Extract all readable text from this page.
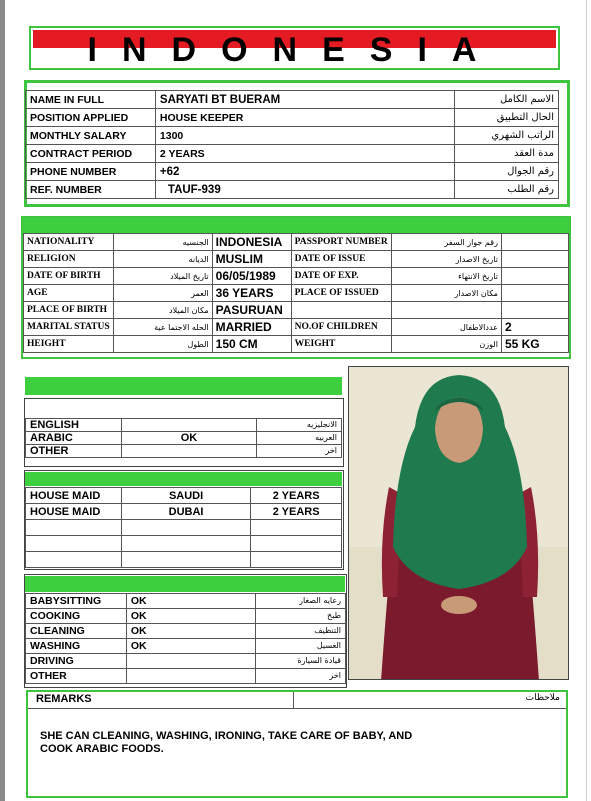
INDONESIA
NAME IN FULL	SARYATI BT BUERAM	الاسم الكامل
POSITION APPLIED	HOUSE KEEPER	الحال التطبيق
MONTHLY SALARY	1300	الراتب الشهري
CONTRACT PERIOD	2 YEARS	مدة العقد
PHONE NUMBER	+62	رقم الجوال
REF. NUMBER	TAUF-939	رقم الطلب
NATIONALITY	الجنسيه	INDONESIA	PASSPORT NUMBER	رقم جواز السفر	
RELIGION	الديانه	MUSLIM	DATE OF ISSUE	تاريخ الاصدار	
DATE OF BIRTH	تاريخ الميلاد	06/05/1989	DATE OF EXP.	تاريخ الانتهاء	
AGE	العمر	36 YEARS	PLACE OF ISSUED	مكان الاصدار	
PLACE OF BIRTH	مكان الميلاد	PASURUAN			
MARITAL STATUS	الحله الاجتما عية	MARRIED	NO.OF CHILDREN	عددالاطفال	2
HEIGHT	الطول	150 CM	WEIGHT	الوزن	55 KG
ENGLISH		الانجليزيه
ARABIC	OK	العربيه
OTHER		اخر
HOUSE MAID	SAUDI	2 YEARS
HOUSE MAID	DUBAI	2 YEARS

BABYSITTING	OK	رعايه الصغار
COOKING	OK	طبخ
CLEANING	OK	التنظيف
WASHING	OK	الغسيل
DRIVING		قيادة السيارة
OTHER		اخر
REMARKS	ملاحظات
SHE CAN CLEANING, WASHING, IRONING, TAKE CARE OF BABY, AND
COOK ARABIC FOODS.
